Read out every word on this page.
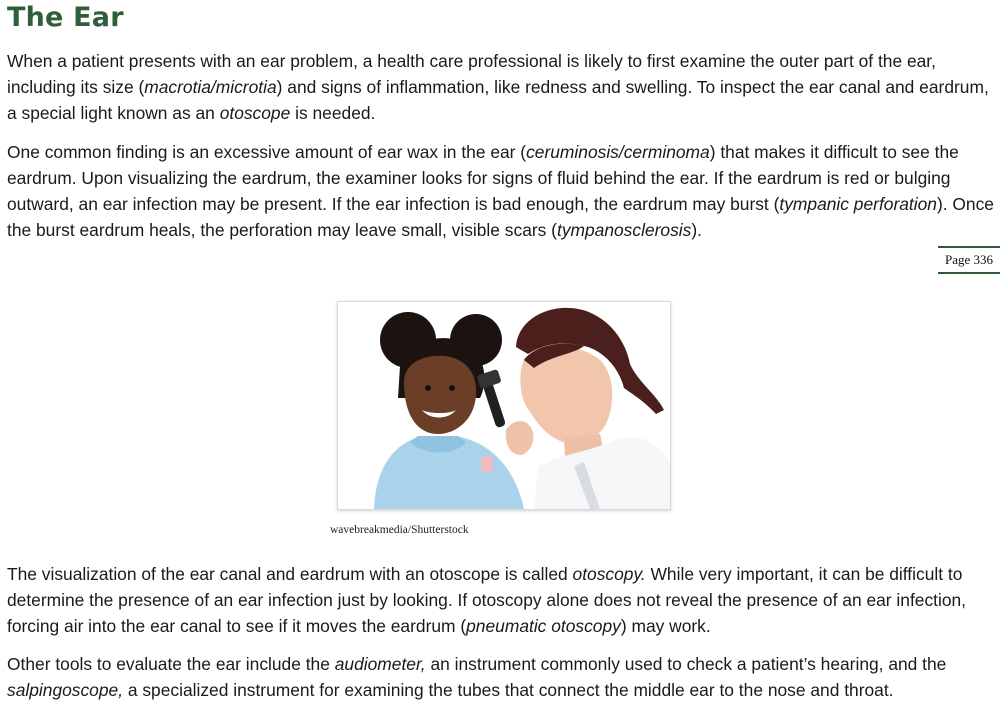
The Ear

When a patient presents with an ear problem, a health care professional is likely to first examine the outer part of the ear, including its size (macrotia/microtia) and signs of inflammation, like redness and swelling. To inspect the ear canal and eardrum, a special light known as an otoscope is needed.

One common finding is an excessive amount of ear wax in the ear (ceruminosis/cerminoma) that makes it difficult to see the eardrum. Upon visualizing the eardrum, the examiner looks for signs of fluid behind the ear. If the eardrum is red or bulging outward, an ear infection may be present. If the ear infection is bad enough, the eardrum may burst (tympanic perforation). Once the burst eardrum heals, the perforation may leave small, visible scars (tympanosclerosis).

Page 336
wavebreakmedia/Shutterstock

The visualization of the ear canal and eardrum with an otoscope is called otoscopy. While very important, it can be difficult to determine the presence of an ear infection just by looking. If otoscopy alone does not reveal the presence of an ear infection, forcing air into the ear canal to see if it moves the eardrum (pneumatic otoscopy) may work.

Other tools to evaluate the ear include the audiometer, an instrument commonly used to check a patient’s hearing, and the salpingoscope, a specialized instrument for examining the tubes that connect the middle ear to the nose and throat.
